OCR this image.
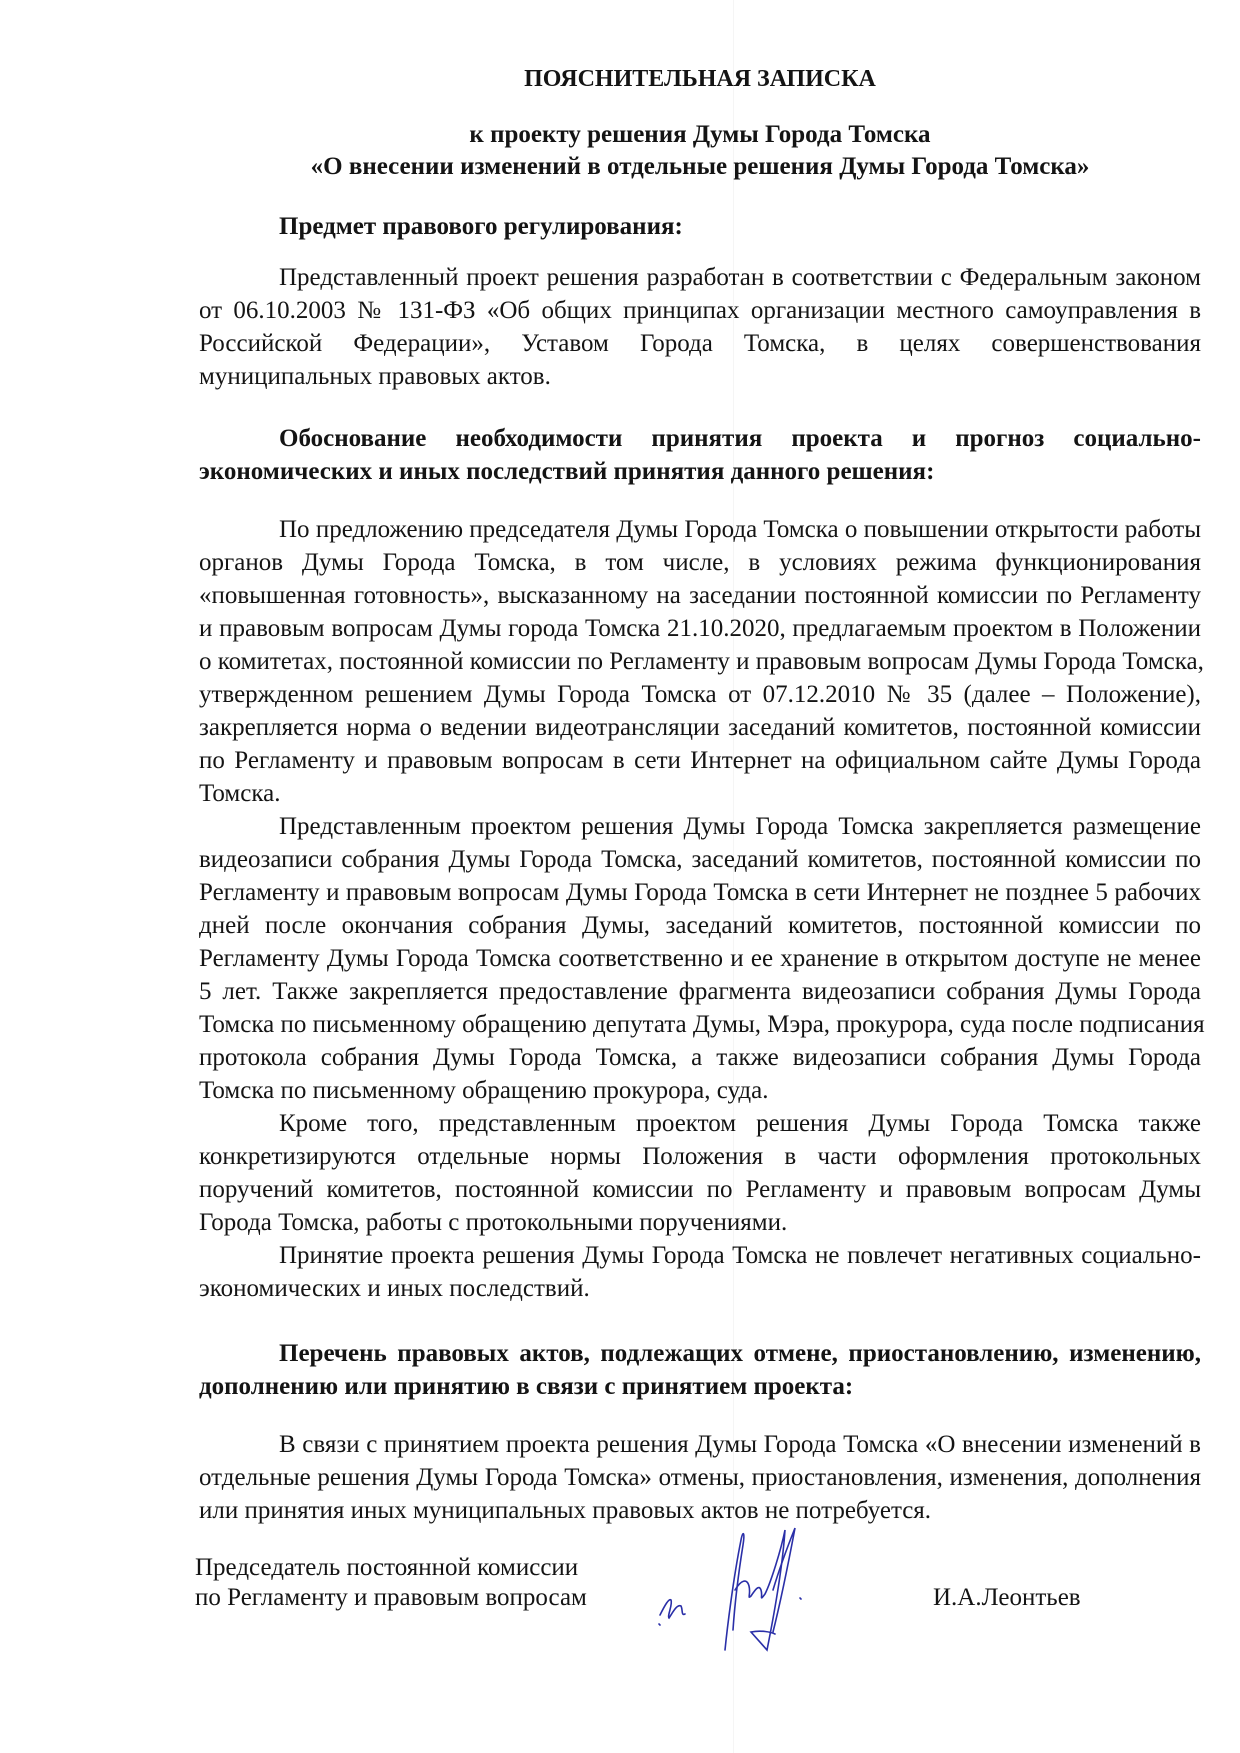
ПОЯСНИТЕЛЬНАЯ ЗАПИСКА
к проекту решения Думы Города Томска
«О внесении изменений в отдельные решения Думы Города Томска»
Предмет правового регулирования:
Представленный проект решения разработан в соответствии с Федеральным законом
от 06.10.2003 № 131-ФЗ «Об общих принципах организации местного самоуправления в
Российской Федерации», Уставом Города Томска, в целях совершенствования
муниципальных правовых актов.
Обоснование необходимости принятия проекта и прогноз социально-
экономических и иных последствий принятия данного решения:
По предложению председателя Думы Города Томска о повышении открытости работы
органов Думы Города Томска, в том числе, в условиях режима функционирования
«повышенная готовность», высказанному на заседании постоянной комиссии по Регламенту
и правовым вопросам Думы города Томска 21.10.2020, предлагаемым проектом в Положении
о комитетах, постоянной комиссии по Регламенту и правовым вопросам Думы Города Томска,
утвержденном решением Думы Города Томска от 07.12.2010 № 35 (далее – Положение),
закрепляется норма о ведении видеотрансляции заседаний комитетов, постоянной комиссии
по Регламенту и правовым вопросам в сети Интернет на официальном сайте Думы Города
Томска.
Представленным проектом решения Думы Города Томска закрепляется размещение
видеозаписи собрания Думы Города Томска, заседаний комитетов, постоянной комиссии по
Регламенту и правовым вопросам Думы Города Томска в сети Интернет не позднее 5 рабочих
дней после окончания собрания Думы, заседаний комитетов, постоянной комиссии по
Регламенту Думы Города Томска соответственно и ее хранение в открытом доступе не менее
5 лет. Также закрепляется предоставление фрагмента видеозаписи собрания Думы Города
Томска по письменному обращению депутата Думы, Мэра, прокурора, суда после подписания
протокола собрания Думы Города Томска, а также видеозаписи собрания Думы Города
Томска по письменному обращению прокурора, суда.
Кроме того, представленным проектом решения Думы Города Томска также
конкретизируются отдельные нормы Положения в части оформления протокольных
поручений комитетов, постоянной комиссии по Регламенту и правовым вопросам Думы
Города Томска, работы с протокольными поручениями.
Принятие проекта решения Думы Города Томска не повлечет негативных социально-
экономических и иных последствий.
Перечень правовых актов, подлежащих отмене, приостановлению, изменению,
дополнению или принятию в связи с принятием проекта:
В связи с принятием проекта решения Думы Города Томска «О внесении изменений в
отдельные решения Думы Города Томска» отмены, приостановления, изменения, дополнения
или принятия иных муниципальных правовых актов не потребуется.
Председатель постоянной комиссии
по Регламенту и правовым вопросам	И.А.Леонтьев
